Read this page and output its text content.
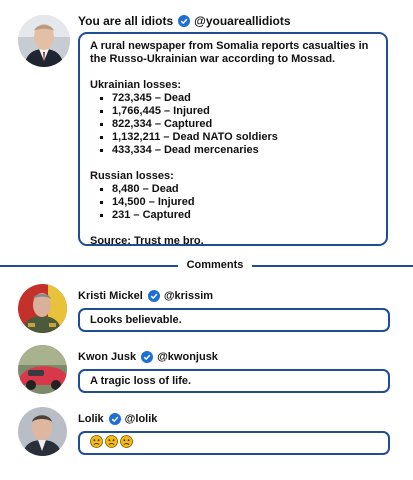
You are all idiots @youareallidiots

A rural newspaper from Somalia reports casualties in the Russo-Ukrainian war according to Mossad.

Ukrainian losses:

723,345 – Dead
1,766,445 – Injured
822,334 – Captured
1,132,211 – Dead NATO soldiers
433,334 – Dead mercenaries

Russian losses:

8,480 – Dead
14,500 – Injured
231 – Captured

Source: Trust me bro.

Comments
Kristi Mickel @krissim
Looks believable.
Kwon Jusk @kwonjusk
A tragic loss of life.
Lolik @lolik
